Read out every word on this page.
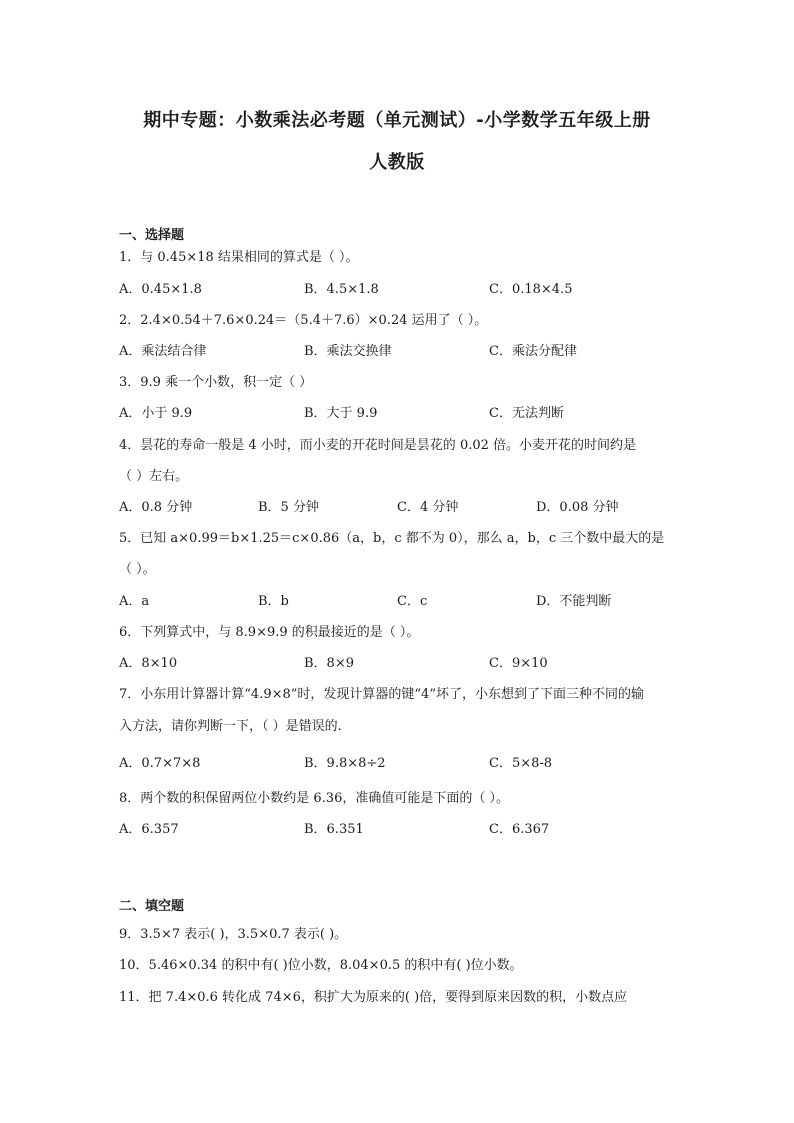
期中专题：小数乘法必考题（单元测试）-小学数学五年级上册
人教版
一、选择题
1．与 0.45×18 结果相同的算式是（ ）。
A．0.45×1.8	B．4.5×1.8	C．0.18×4.5
2．2.4×0.54＋7.6×0.24＝（5.4＋7.6）×0.24 运用了（ ）。
A．乘法结合律	B．乘法交换律	C．乘法分配律
3．9.9 乘一个小数，积一定（ ）
A．小于 9.9	B．大于 9.9	C．无法判断
4．昙花的寿命一般是 4 小时，而小麦的开花时间是昙花的 0.02 倍。小麦开花的时间约是
（ ）左右。
A．0.8 分钟	B．5 分钟	C．4 分钟	D．0.08 分钟
5．已知 a×0.99＝b×1.25＝c×0.86（a，b，c 都不为 0），那么 a，b，c 三个数中最大的是
（ ）。
A．a	B．b	C．c	D．不能判断
6．下列算式中，与 8.9×9.9 的积最接近的是（ ）。
A．8×10	B．8×9	C．9×10
7．小东用计算器计算“4.9×8”时，发现计算器的键“4”坏了，小东想到了下面三种不同的输
入方法，请你判断一下，（ ）是错误的.
A．0.7×7×8	B．9.8×8÷2	C．5×8-8
8．两个数的积保留两位小数约是 6.36，准确值可能是下面的（ ）。
A．6.357	B．6.351	C．6.367
二、填空题
9．3.5×7 表示( )，3.5×0.7 表示( )。
10．5.46×0.34 的积中有( )位小数，8.04×0.5 的积中有( )位小数。
11．把 7.4×0.6 转化成 74×6，积扩大为原来的( )倍，要得到原来因数的积，小数点应
